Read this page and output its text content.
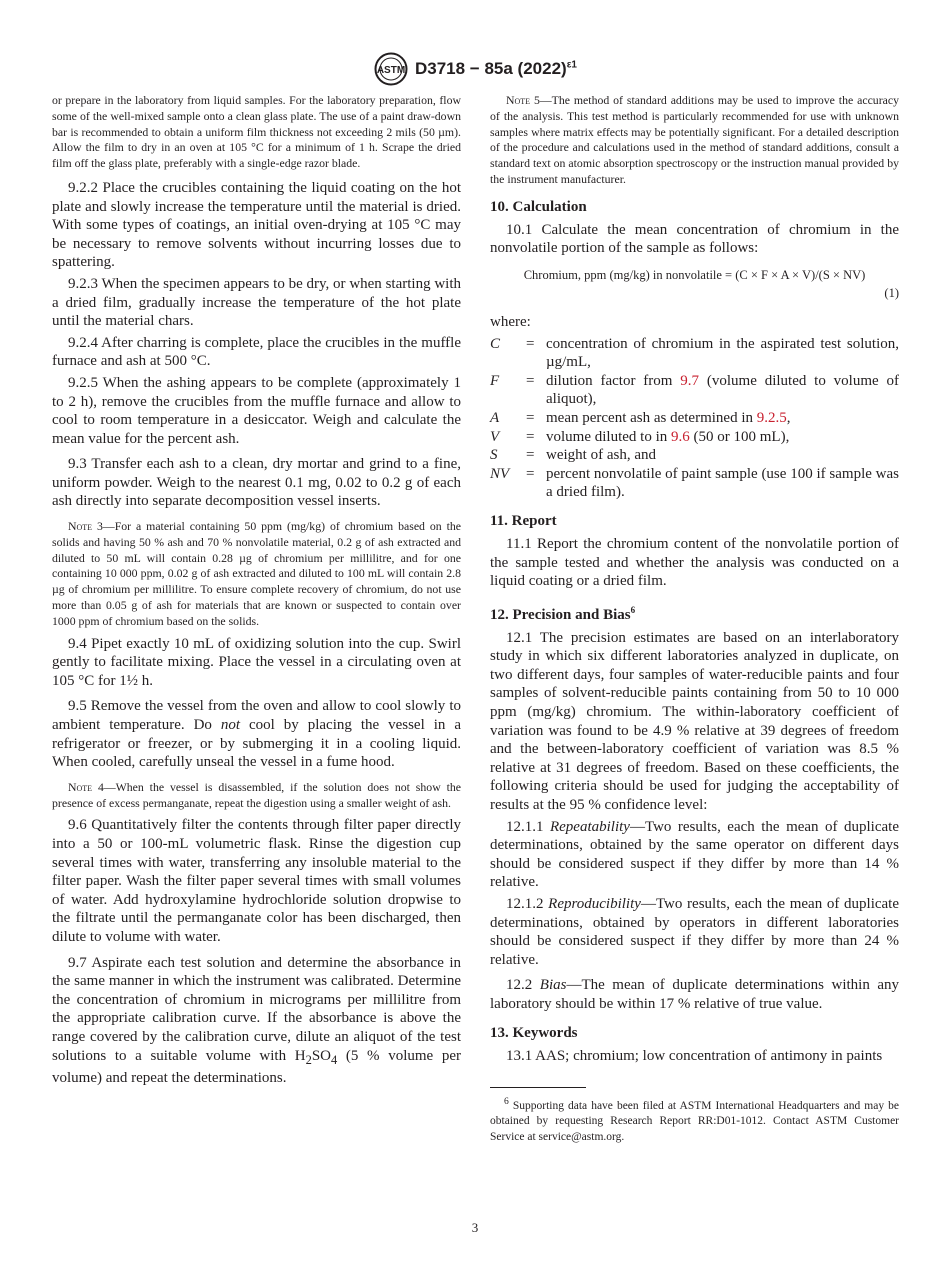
ASTM D3718 − 85a $(2022)^{\varepsilon 1}$

or prepare in the laboratory from liquid samples. For the laboratory preparation, flow some of the well-mixed sample onto a clean glass plate. The use of a paint draw-down bar is recommended to obtain a uniform film thickness not exceeding 2 mils (50 µm). Allow the film to dry in an oven at 105 °C for a minimum of 1 h. Scrape the dried film off the glass plate, preferably with a single-edge razor blade.

9.2.2 Place the crucibles containing the liquid coating on the hot plate and slowly increase the temperature until the material is dried. With some types of coatings, an initial oven-drying at 105 °C may be necessary to remove solvents without incurring losses due to spattering.

9.2.3 When the specimen appears to be dry, or when starting with a dried film, gradually increase the temperature of the hot plate until the material chars.

9.2.4 After charring is complete, place the crucibles in the muffle furnace and ash at 500 °C.

9.2.5 When the ashing appears to be complete (approximately 1 to 2 h), remove the crucibles from the muffle furnace and allow to cool to room temperature in a desiccator. Weigh and calculate the mean value for the percent ash.

9.3 Transfer each ash to a clean, dry mortar and grind to a fine, uniform powder. Weigh to the nearest 0.1 mg, 0.02 to 0.2 g of each ash directly into separate decomposition vessel inserts.

Note 3—For a material containing 50 ppm (mg/kg) of chromium based on the solids and having 50 % ash and 70 % nonvolatile material, 0.2 g of ash extracted and diluted to 50 mL will contain 0.28 µg of chromium per millilitre, and for one containing 10 000 ppm, 0.02 g of ash extracted and diluted to 100 mL will contain 2.8 µg of chromium per millilitre. To ensure complete recovery of chromium, do not use more than 0.05 g of ash for materials that are known or suspected to contain over 1000 ppm of chromium based on the solids.

9.4 Pipet exactly 10 mL of oxidizing solution into the cup. Swirl gently to facilitate mixing. Place the vessel in a circulating oven at 105 °C for 1½ h.

9.5 Remove the vessel from the oven and allow to cool slowly to ambient temperature. Do not cool by placing the vessel in a refrigerator or freezer, or by submerging it in a cooling liquid. When cooled, carefully unseal the vessel in a fume hood.

Note 4—When the vessel is disassembled, if the solution does not show the presence of excess permanganate, repeat the digestion using a smaller weight of ash.

9.6 Quantitatively filter the contents through filter paper directly into a 50 or 100-mL volumetric flask. Rinse the digestion cup several times with water, transferring any insoluble material to the filter paper. Wash the filter paper several times with small volumes of water. Add hydroxylamine hydrochloride solution dropwise to the filtrate until the permanganate color has been discharged, then dilute to volume with water.

9.7 Aspirate each test solution and determine the absorbance in the same manner in which the instrument was calibrated. Determine the concentration of chromium in micrograms per millilitre from the appropriate calibration curve. If the absorbance is above the range covered by the calibration curve, dilute an aliquot of the test solutions to a suitable volume with $H_2SO_4$ (5 % volume per volume) and repeat the determinations.

Note 5—The method of standard additions may be used to improve the accuracy of the analysis. This test method is particularly recommended for use with unknown samples where matrix effects may be potentially significant. For a detailed description of the procedure and calculations used in the method of standard additions, consult a standard text on atomic absorption spectroscopy or the instruction manual provided by the instrument manufacturer.

10. Calculation

10.1 Calculate the mean concentration of chromium in the nonvolatile portion of the sample as follows:

Chromium, ppm (mg/kg) in nonvolatile = (C × F × A × V)/(S × NV)

(1)

where:

C	=	concentration of chromium in the aspirated test solution, µg/mL,
F	=	dilution factor from 9.7 (volume diluted to volume of aliquot),
A	=	mean percent ash as determined in 9.2.5,
V	=	volume diluted to in 9.6 (50 or 100 mL),
S	=	weight of ash, and
NV	=	percent nonvolatile of paint sample (use 100 if sample was a dried film).

11. Report

11.1 Report the chromium content of the nonvolatile portion of the sample tested and whether the analysis was conducted on a liquid coating or a dried film.

12. Precision and Bias$^6$

12.1 The precision estimates are based on an interlaboratory study in which six different laboratories analyzed in duplicate, on two different days, four samples of water-reducible paints and four samples of solvent-reducible paints containing from 50 to 10 000 ppm (mg/kg) chromium. The within-laboratory coefficient of variation was found to be 4.9 % relative at 39 degrees of freedom and the between-laboratory coefficient of variation was 8.5 % relative at 31 degrees of freedom. Based on these coefficients, the following criteria should be used for judging the acceptability of results at the 95 % confidence level:

12.1.1 Repeatability—Two results, each the mean of duplicate determinations, obtained by the same operator on different days should be considered suspect if they differ by more than 14 % relative.

12.1.2 Reproducibility—Two results, each the mean of duplicate determinations, obtained by operators in different laboratories should be considered suspect if they differ by more than 24 % relative.

12.2 Bias—The mean of duplicate determinations within any laboratory should be within 17 % relative of true value.

13. Keywords

13.1 AAS; chromium; low concentration of antimony in paints

$^6$ Supporting data have been filed at ASTM International Headquarters and may be obtained by requesting Research Report RR:D01-1012. Contact ASTM Customer Service at service@astm.org.

3
